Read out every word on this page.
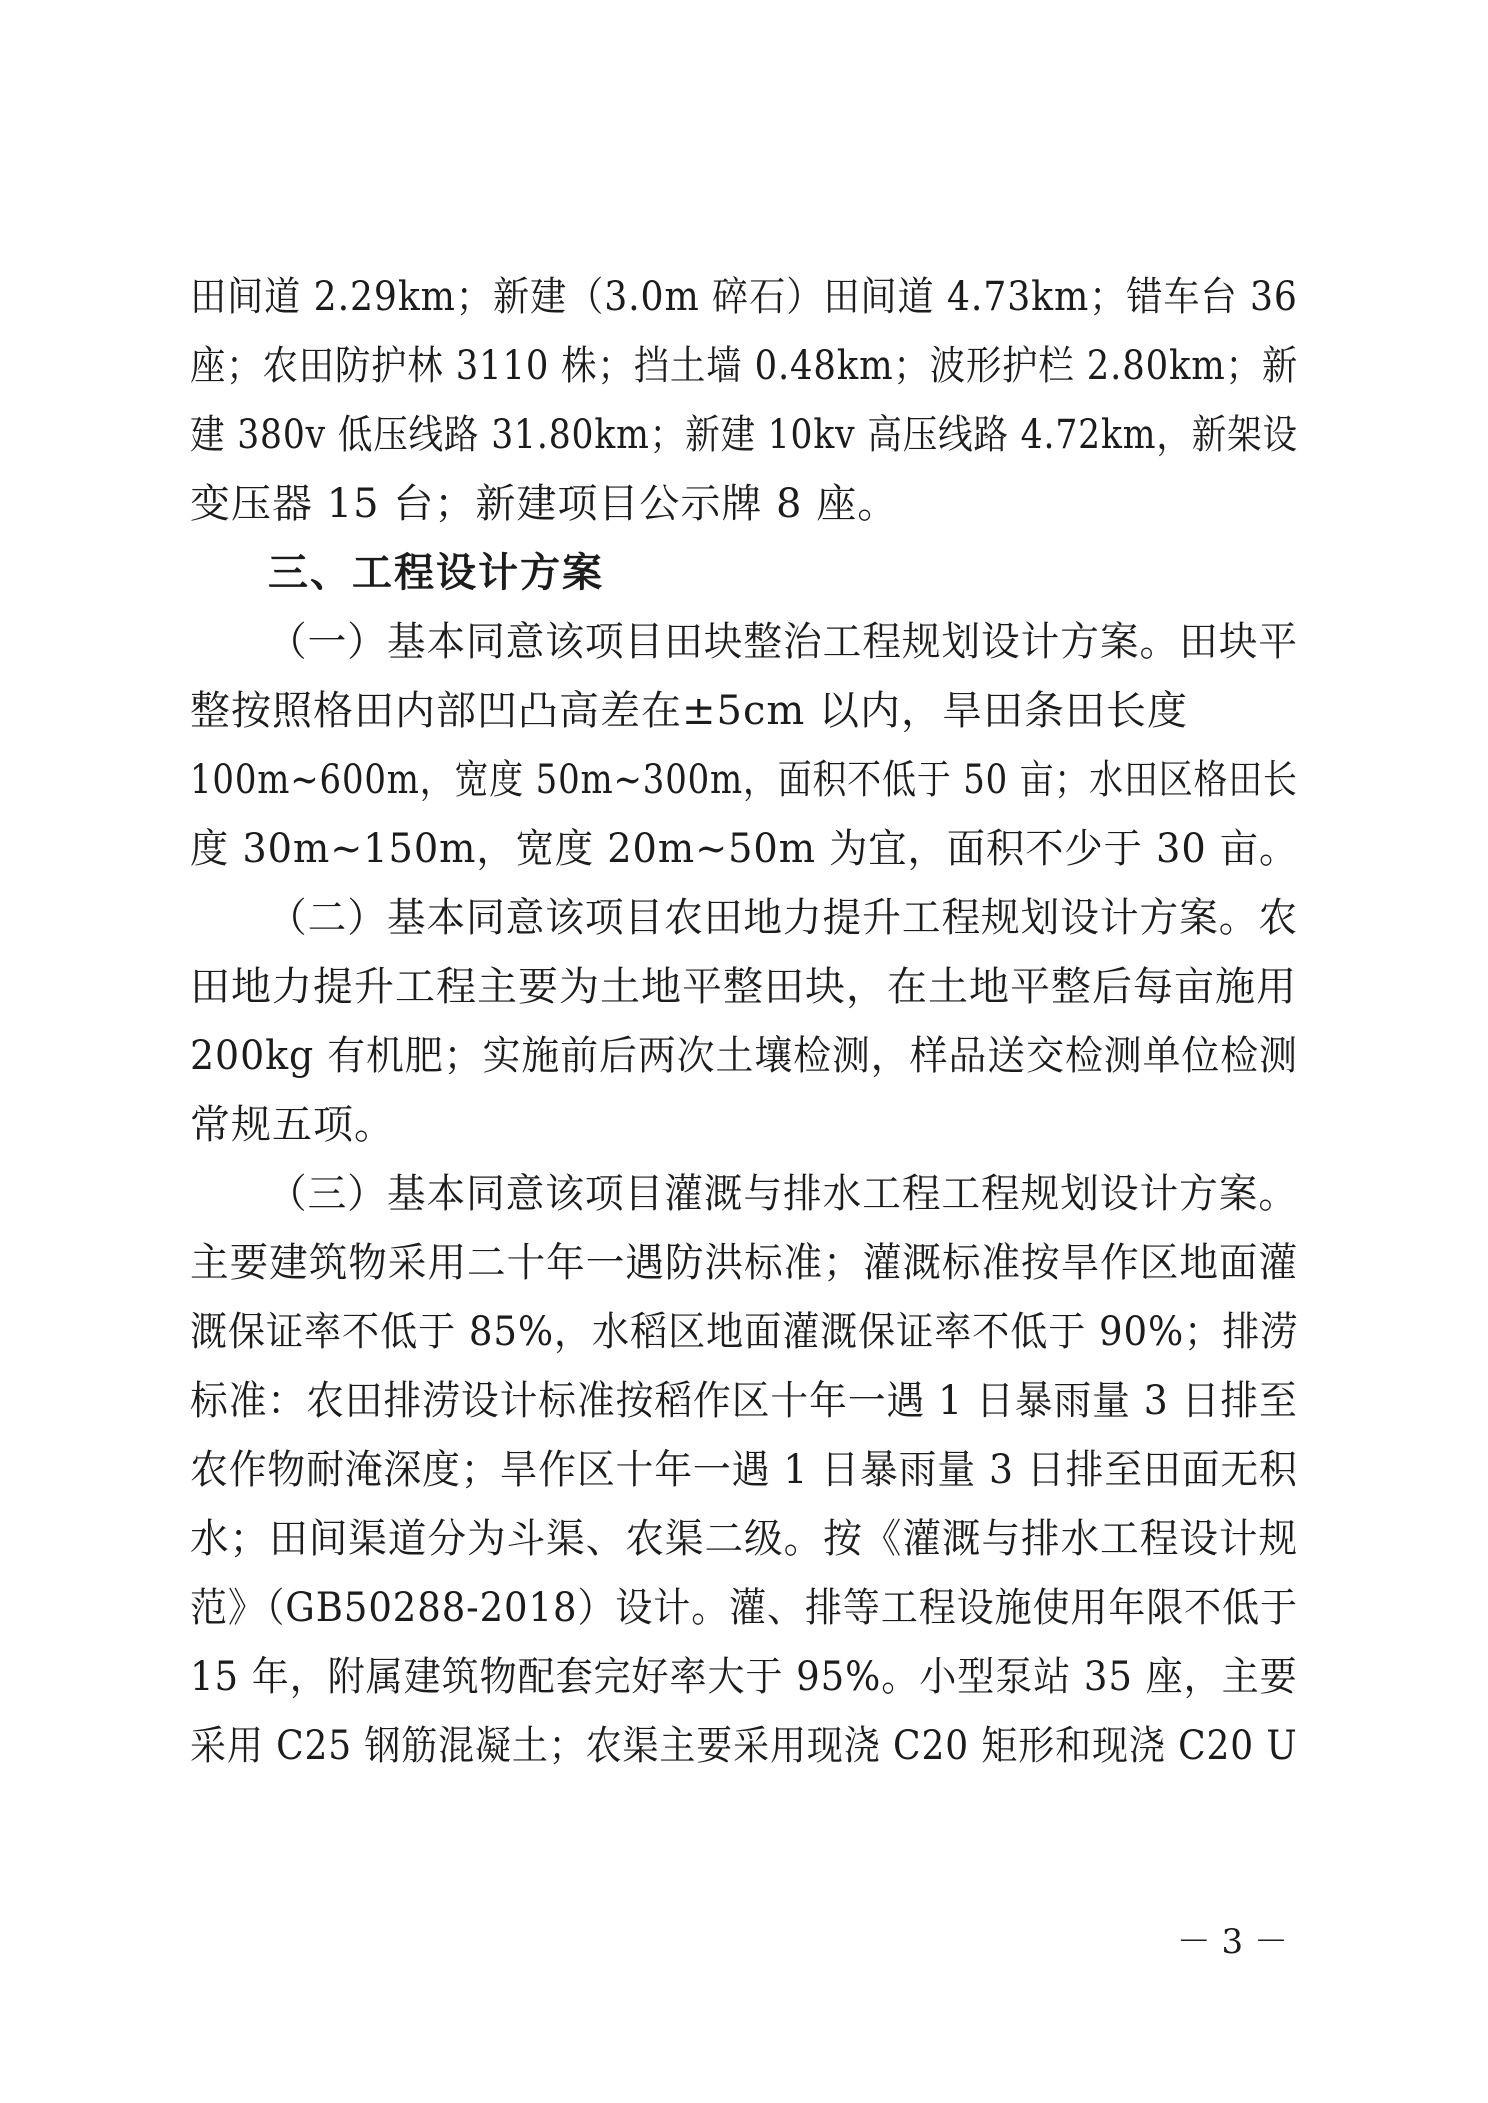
田间道 2.29km；新建（3.0m 碎石）田间道 4.73km；错车台 36
座；农田防护林 3110 株；挡土墙 0.48km；波形护栏 2.80km；新
建 380v 低压线路 31.80km；新建 10kv 高压线路 4.72km，新架设
变压器 15 台；新建项目公示牌 8 座。
三、工程设计方案
（一）基本同意该项目田块整治工程规划设计方案。田块平
整按照格田内部凹凸高差在±5cm 以内，旱田条田长度
100m~600m，宽度 50m~300m，面积不低于 50 亩；水田区格田长
度 30m~150m，宽度 20m~50m 为宜，面积不少于 30 亩。
（二）基本同意该项目农田地力提升工程规划设计方案。农
田地力提升工程主要为土地平整田块，在土地平整后每亩施用
200kg 有机肥；实施前后两次土壤检测，样品送交检测单位检测
常规五项。
（三）基本同意该项目灌溉与排水工程工程规划设计方案。
主要建筑物采用二十年一遇防洪标准；灌溉标准按旱作区地面灌
溉保证率不低于 85%，水稻区地面灌溉保证率不低于 90%；排涝
标准：农田排涝设计标准按稻作区十年一遇 1 日暴雨量 3 日排至
农作物耐淹深度；旱作区十年一遇 1 日暴雨量 3 日排至田面无积
水；田间渠道分为斗渠、农渠二级。按《灌溉与排水工程设计规
范》（GB50288-2018）设计。灌、排等工程设施使用年限不低于
15 年，附属建筑物配套完好率大于 95%。小型泵站 35 座，主要
采用 C25 钢筋混凝土；农渠主要采用现浇 C20 矩形和现浇 C20 U
－ 3 －
